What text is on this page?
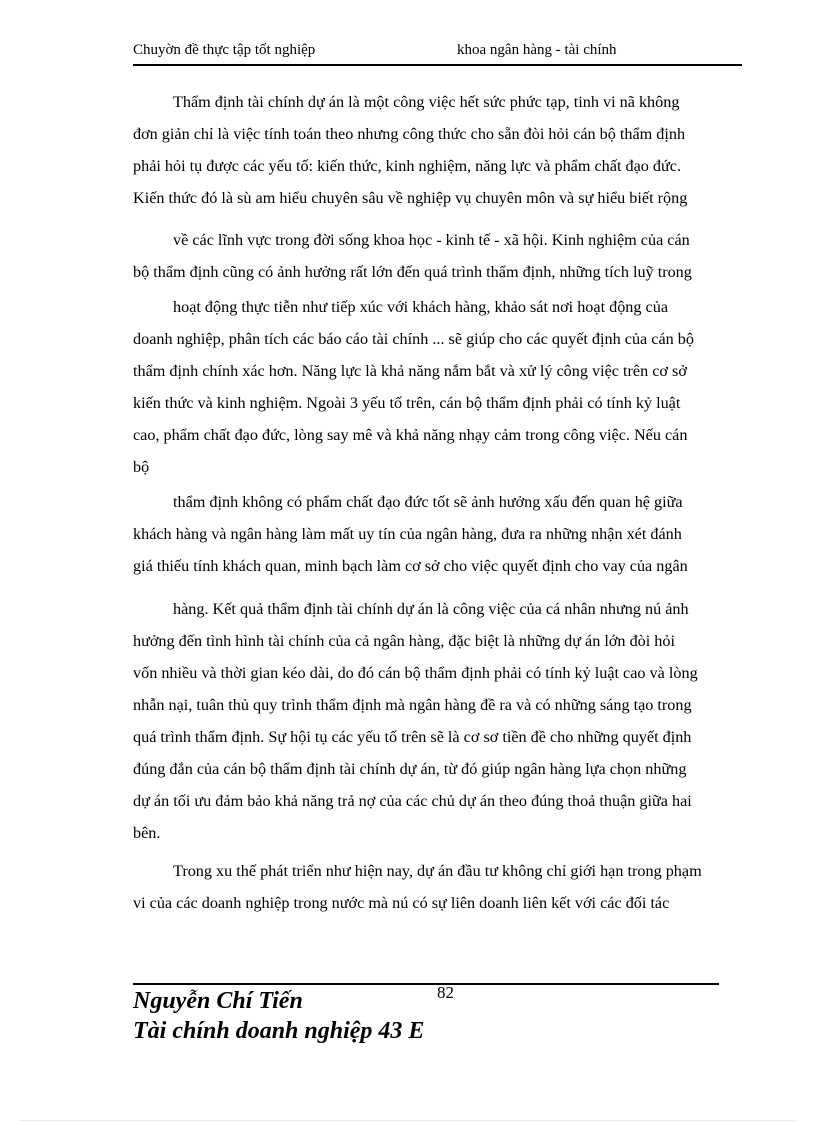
Chuyờn đề thực tập tốt nghiệp	khoa ngân hàng - tài chính
Thẩm định tài chính dự án là một công việc hết sức phức tạp, tinh vi nã không
đơn giản chỉ là việc tính toán theo nhưng công thức cho sẵn đòi hỏi cán bộ thẩm định
phải hỏi tụ được các yếu tố: kiến thức, kinh nghiệm, năng lực và phẩm chất đạo đức.
Kiến thức đó là sù am hiểu chuyên sâu về nghiệp vụ chuyên môn và sự hiểu biết rộng
về các lĩnh vực trong đời sống khoa học - kinh tế - xã hội. Kinh nghiệm của cán
bộ thẩm định cũng có ảnh hưởng rất lớn đến quá trình thẩm định, những tích luỹ trong
hoạt động thực tiễn như tiếp xúc với khách hàng, khảo sát nơi hoạt động của
doanh nghiệp, phân tích các báo cáo tài chính ... sẽ giúp cho các quyết định của cán bộ
thẩm định chính xác hơn. Năng lực là khả năng nắm bắt và xử lý công việc trên cơ sở
kiến thức và kinh nghiệm. Ngoài 3 yếu tố trên, cán bộ thẩm định phải có tính kỷ luật
cao, phẩm chất đạo đức, lòng say mê và khả năng nhạy cảm trong công việc. Nếu cán
bộ
thẩm định không có phẩm chất đạo đức tốt sẽ ảnh hưởng xấu đến quan hệ giữa
khách hàng và ngân hàng làm mất uy tín của ngân hàng, đưa ra những nhận xét đánh
giá thiếu tính khách quan, minh bạch làm cơ sở cho việc quyết định cho vay của ngân
hàng. Kết quả thẩm định tài chính dự án là công việc của cá nhân nhưng nú ảnh
hưởng đến tình hình tài chính của cả ngân hàng, đặc biệt là những dự án lớn đòi hỏi
vốn nhiều và thời gian kéo dài, do đó cán bộ thẩm định phải có tính kỷ luật cao và lòng
nhẫn nại, tuân thủ quy trình thẩm định mà ngân hàng đề ra và có những sáng tạo trong
quá trình thẩm định. Sự hội tụ các yếu tố trên sẽ là cơ sơ tiền đề cho những quyết định
đúng đắn của cán bộ thẩm định tài chính dự án, từ đó giúp ngân hàng lựa chọn những
dự án tối ưu đảm bảo khả năng trả nợ của các chủ dự án theo đúng thoả thuận giữa hai
bên.
Trong xu thế phát triển như hiện nay, dự án đầu tư không chỉ giới hạn trong phạm
vi của các doanh nghiệp trong nước mà nú có sự liên doanh liên kết với các đối tác
82
Nguyễn Chí Tiến
Tài chính doanh nghiệp 43 E
